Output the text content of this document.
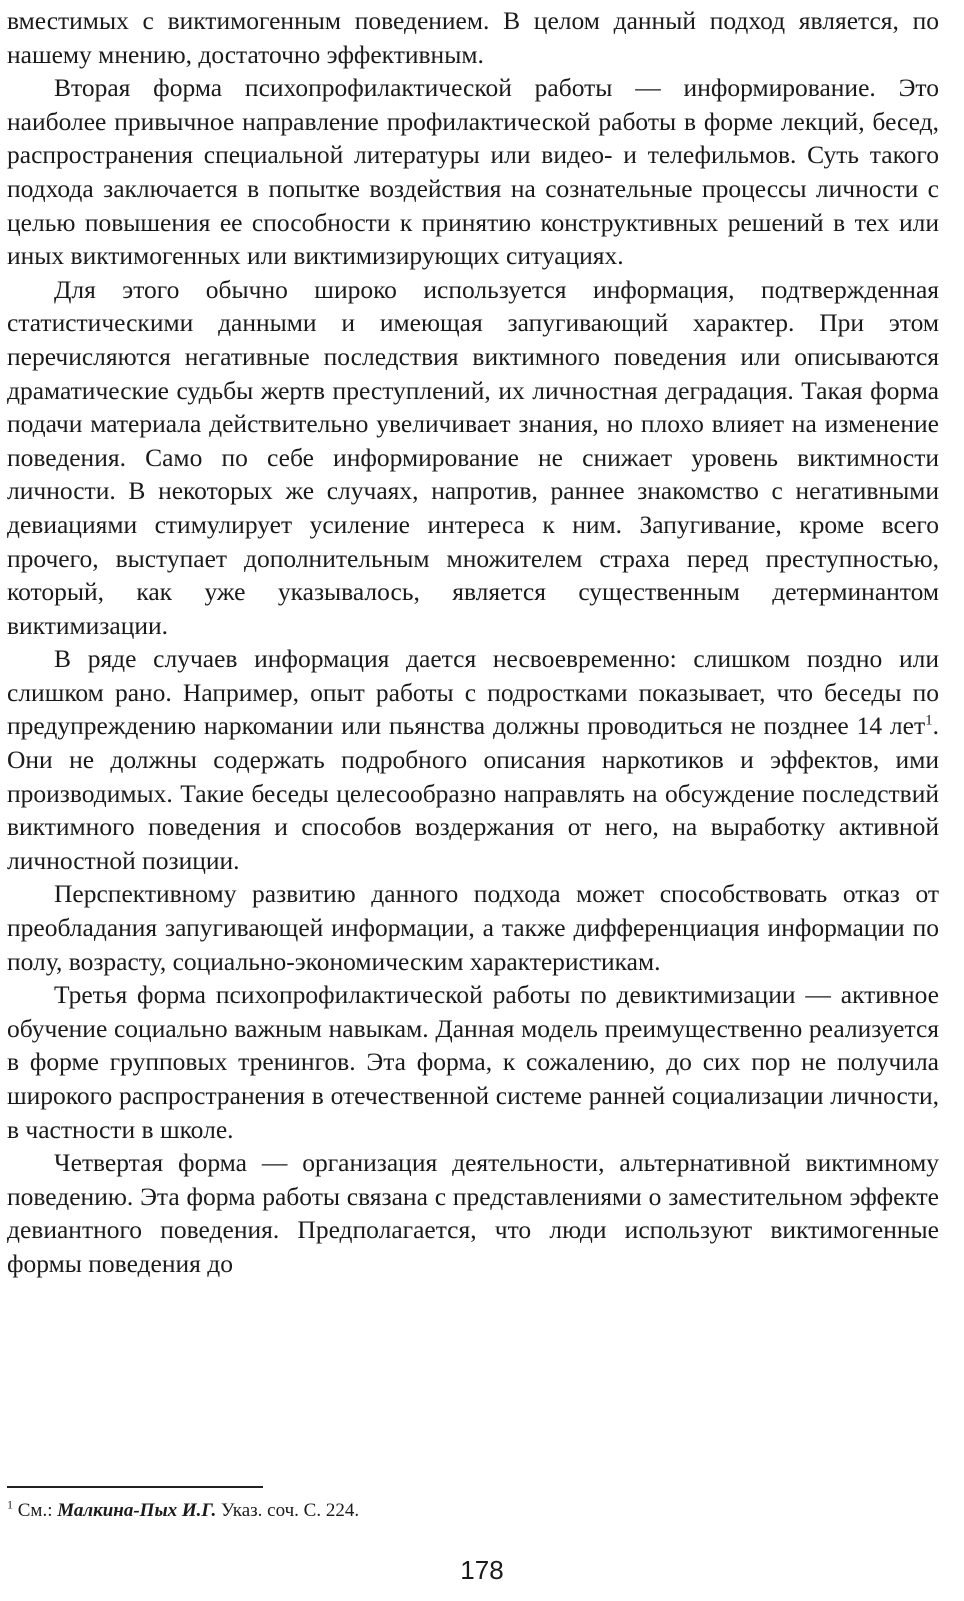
вместимых с виктимогенным поведением. В целом данный подход является, по нашему мнению, достаточно эффективным.

Вторая форма психопрофилактической работы — информирование. Это наиболее привычное направление профилактической работы в форме лекций, бесед, распространения специальной литературы или видео- и телефильмов. Суть такого подхода заключается в попытке воздействия на сознательные процессы личности с целью повышения ее способности к принятию конструктивных решений в тех или иных виктимогенных или виктимизирующих ситуациях.

Для этого обычно широко используется информация, подтвержденная статистическими данными и имеющая запугивающий характер. При этом перечисляются негативные последствия виктимного поведения или описываются драматические судьбы жертв преступлений, их личностная деградация. Такая форма подачи материала действительно увеличивает знания, но плохо влияет на изменение поведения. Само по себе информирование не снижает уровень виктимности личности. В некоторых же случаях, напротив, раннее знакомство с негативными девиациями стимулирует усиление интереса к ним. Запугивание, кроме всего прочего, выступает дополнительным множителем страха перед преступностью, который, как уже указывалось, является существенным детерминантом виктимизации.

В ряде случаев информация дается несвоевременно: слишком поздно или слишком рано. Например, опыт работы с подростками показывает, что беседы по предупреждению наркомании или пьянства должны проводиться не позднее 14 лет$^1$. Они не должны содержать подробного описания наркотиков и эффектов, ими производимых. Такие беседы целесообразно направлять на обсуждение последствий виктимного поведения и способов воздержания от него, на выработку активной личностной позиции.

Перспективному развитию данного подхода может способствовать отказ от преобладания запугивающей информации, а также дифференциация информации по полу, возрасту, социально-экономическим характеристикам.

Третья форма психопрофилактической работы по девиктимизации — активное обучение социально важным навыкам. Данная модель преимущественно реализуется в форме групповых тренингов. Эта форма, к сожалению, до сих пор не получила широкого распространения в отечественной системе ранней социализации личности, в частности в школе.

Четвертая форма — организация деятельности, альтернативной виктимному поведению. Эта форма работы связана с представлениями о заместительном эффекте девиантного поведения. Предполагается, что люди используют виктимогенные формы поведения до

$^1$ См.: Малкина-Пых И.Г. Указ. соч. С. 224.
178
